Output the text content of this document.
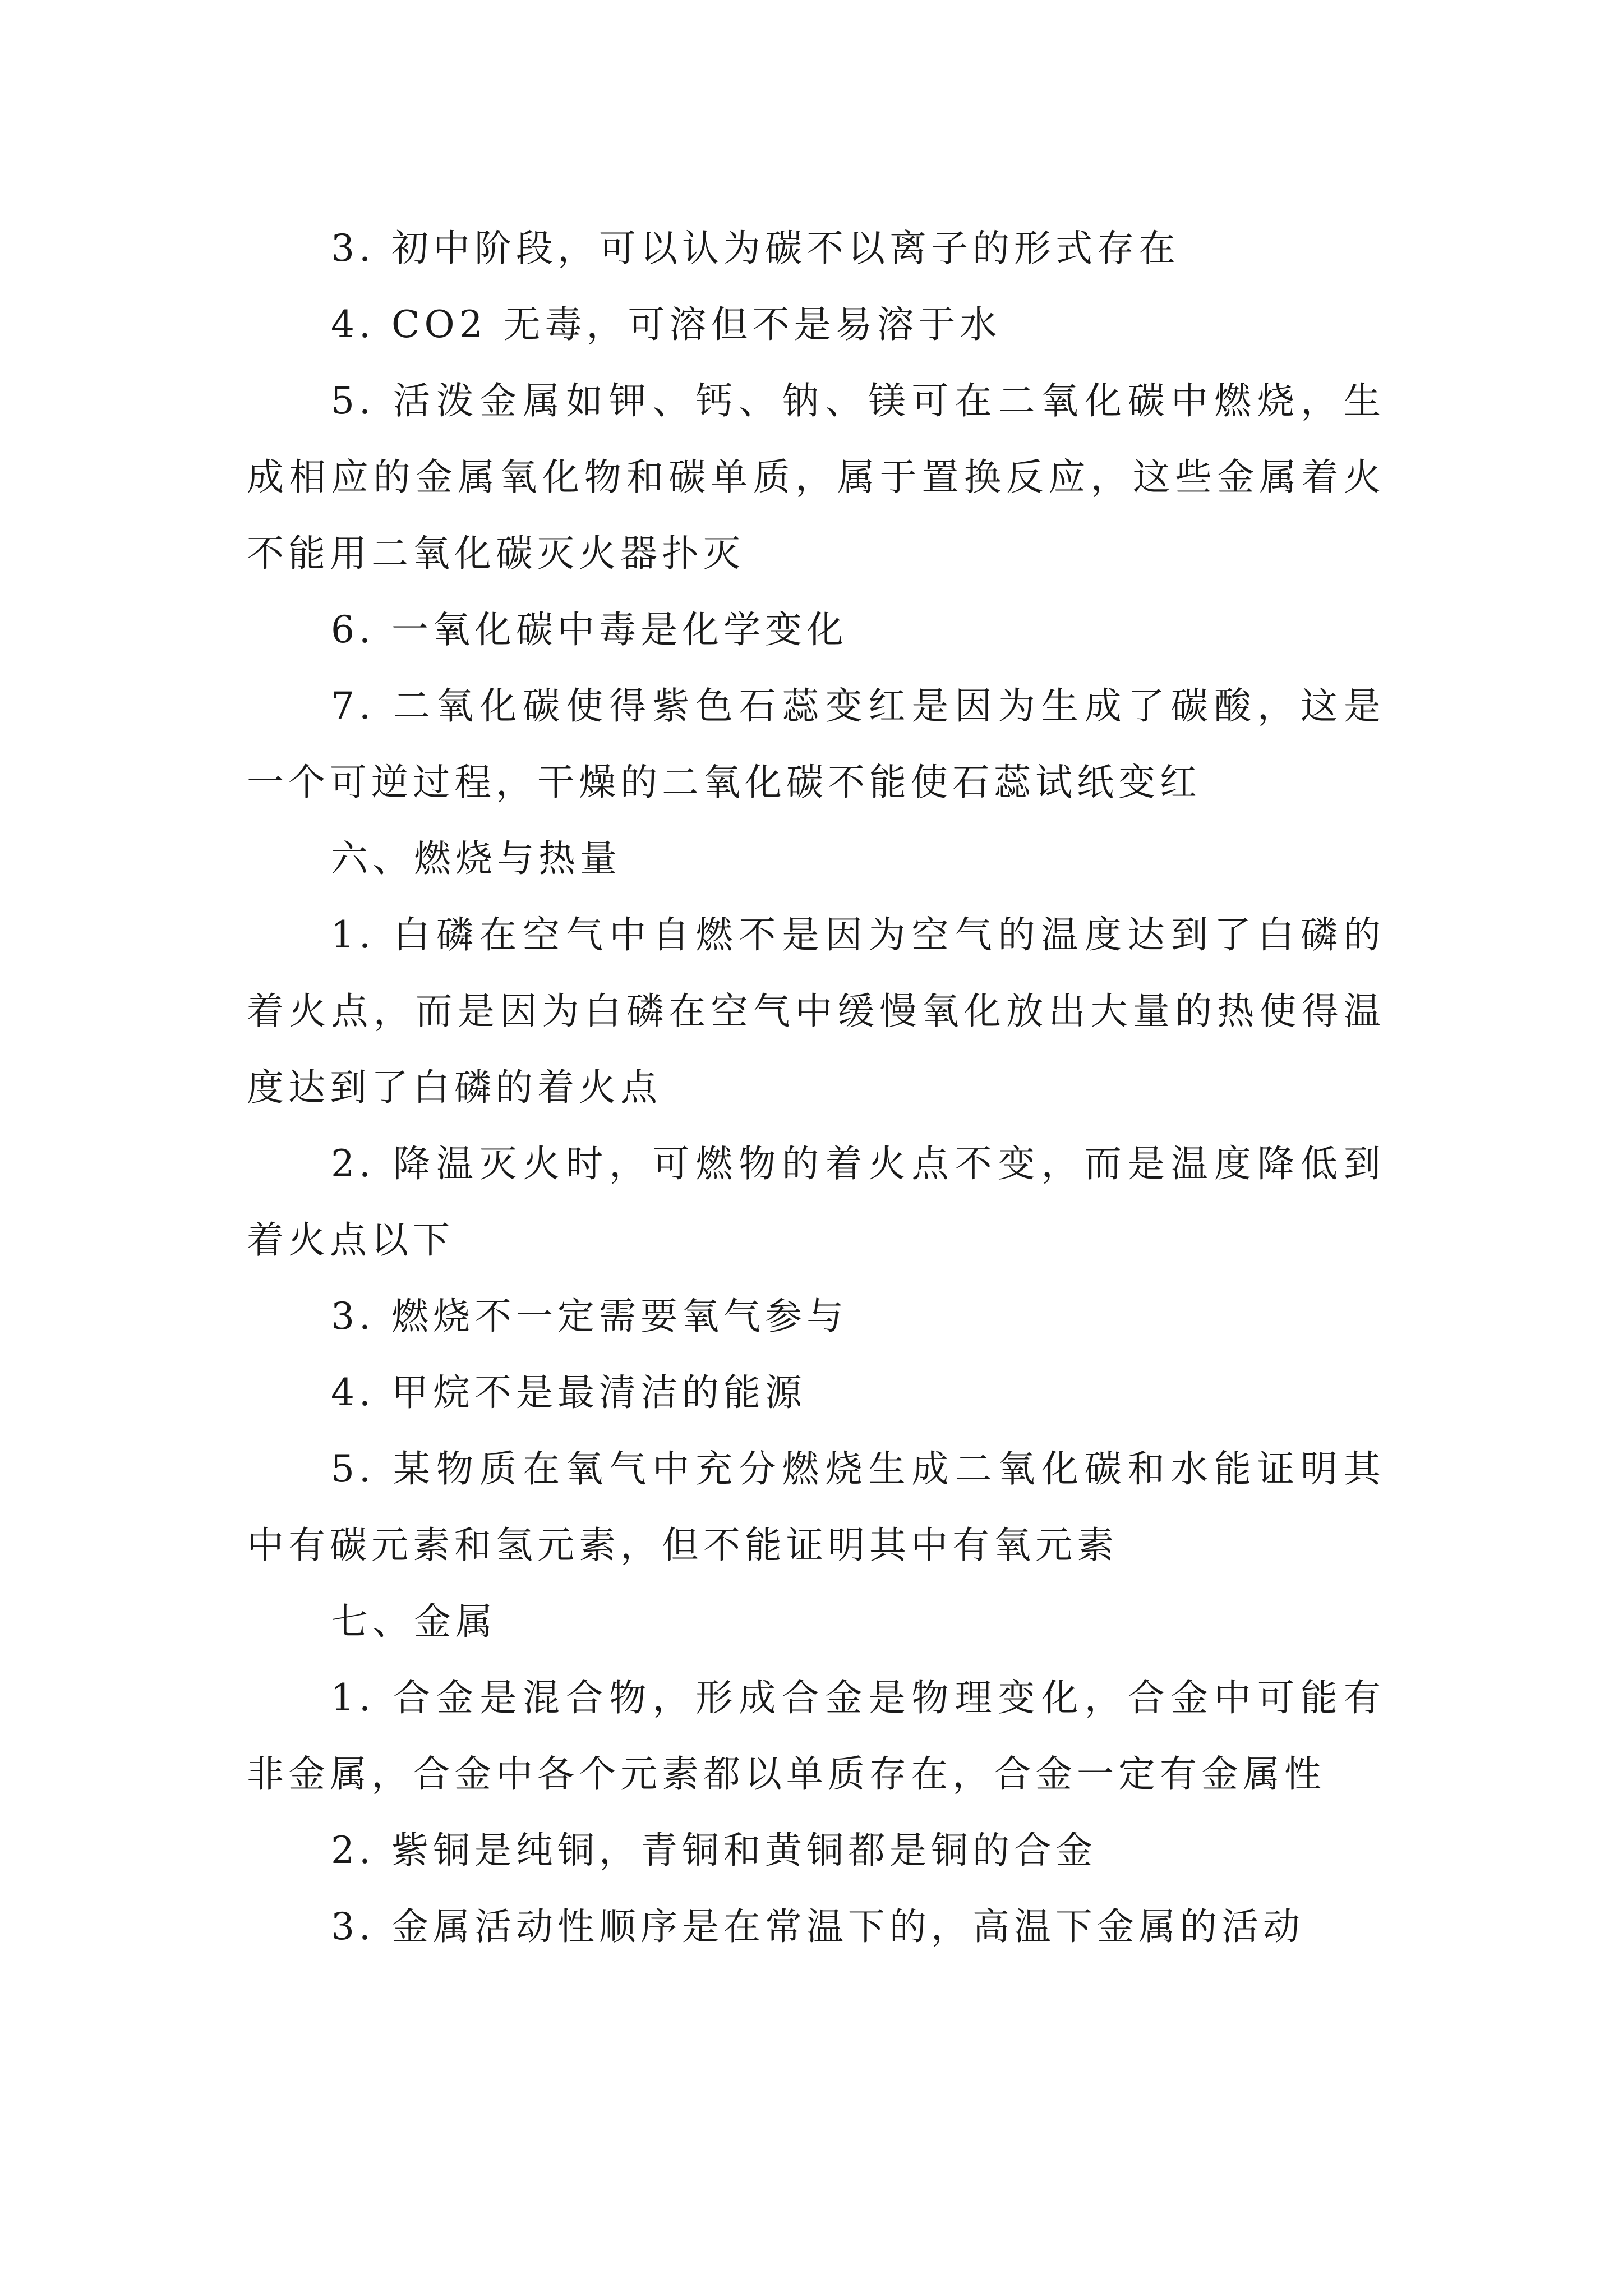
3. 初中阶段，可以认为碳不以离子的形式存在

4. CO2 无毒，可溶但不是易溶于水

5. 活泼金属如钾、钙、钠、镁可在二氧化碳中燃烧，生成相应的金属氧化物和碳单质，属于置换反应，这些金属着火不能用二氧化碳灭火器扑灭

6. 一氧化碳中毒是化学变化

7. 二氧化碳使得紫色石蕊变红是因为生成了碳酸，这是一个可逆过程，干燥的二氧化碳不能使石蕊试纸变红

六、燃烧与热量

1. 白磷在空气中自燃不是因为空气的温度达到了白磷的着火点，而是因为白磷在空气中缓慢氧化放出大量的热使得温度达到了白磷的着火点

2. 降温灭火时，可燃物的着火点不变，而是温度降低到着火点以下

3. 燃烧不一定需要氧气参与

4. 甲烷不是最清洁的能源

5. 某物质在氧气中充分燃烧生成二氧化碳和水能证明其中有碳元素和氢元素，但不能证明其中有氧元素

七、金属

1. 合金是混合物，形成合金是物理变化，合金中可能有非金属，合金中各个元素都以单质存在，合金一定有金属性

2. 紫铜是纯铜，青铜和黄铜都是铜的合金

3. 金属活动性顺序是在常温下的，高温下金属的活动
